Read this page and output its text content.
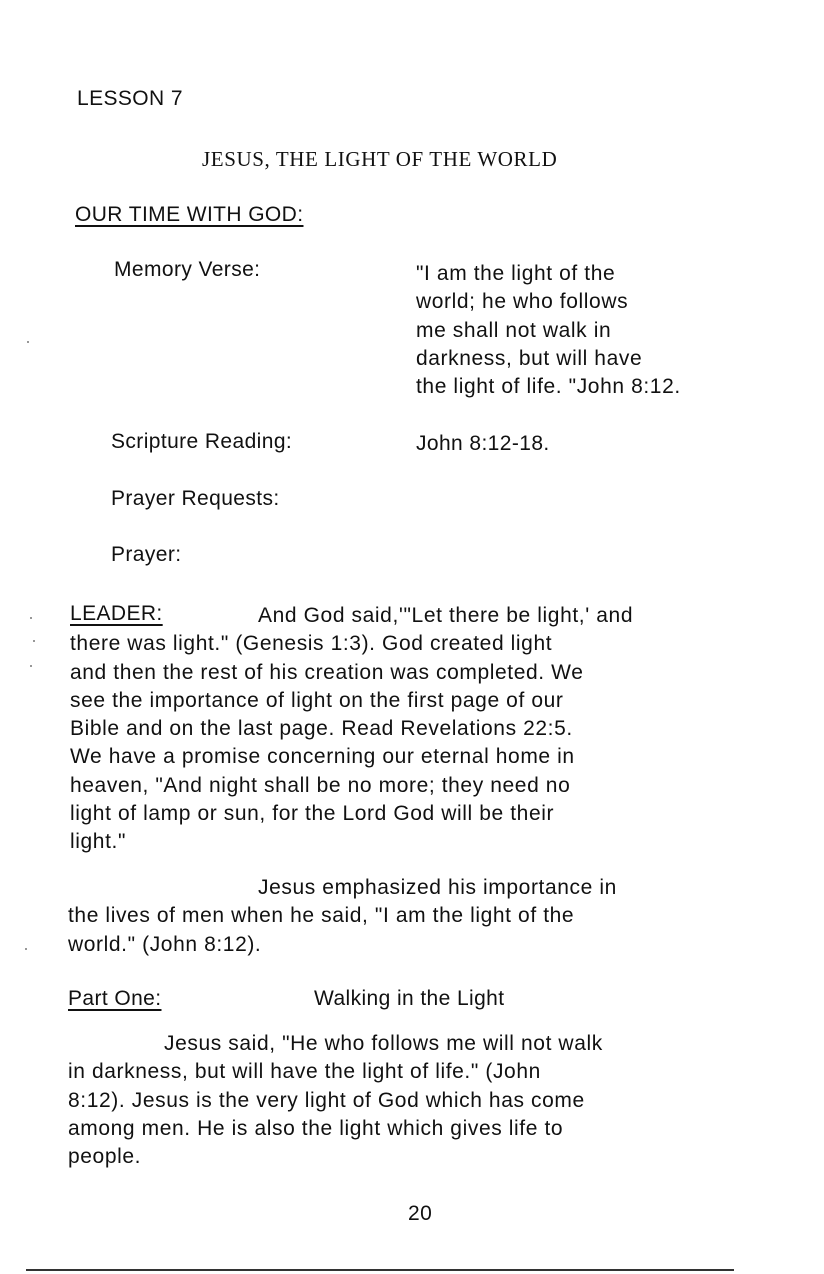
LESSON 7
JESUS, THE LIGHT OF THE WORLD
OUR TIME WITH GOD:
Memory Verse:	"I am the light of the
world; he who follows
me shall not walk in
darkness, but will have
the light of life. "John 8:12.
Scripture Reading:	John 8:12-18.
Prayer Requests:
Prayer:
LEADER:	And God said,'"Let there be light,' and
there was light." (Genesis 1:3). God created light
and then the rest of his creation was completed. We
see the importance of light on the first page of our
Bible and on the last page. Read Revelations 22:5.
We have a promise concerning our eternal home in
heaven, "And night shall be no more; they need no
light of lamp or sun, for the Lord God will be their
light."
Jesus emphasized his importance in
the lives of men when he said, "I am the light of the
world." (John 8:12).
Part One:	Walking in the Light
Jesus said, "He who follows me will not walk
in darkness, but will have the light of life." (John
8:12). Jesus is the very light of God which has come
among men. He is also the light which gives life to
people.
20
